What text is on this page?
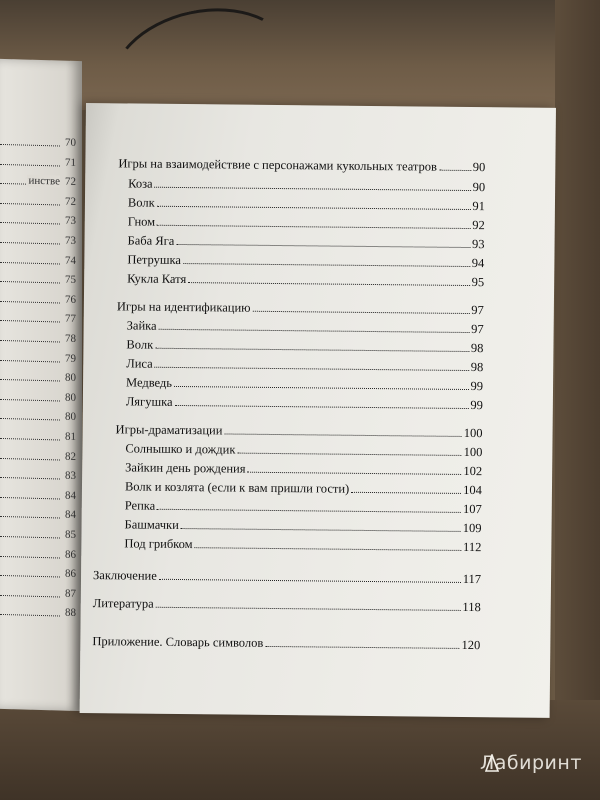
70
71
инстве 72
72
73
73
74
75
76
77
78
79
80
80
80
81
82
83
84
84
85
86
86
87
88
Игры на взаимодействие с персонажами кукольных театров	90
Коза	90
Волк	91
Гном	92
Баба Яга	93
Петрушка	94
Кукла Катя	95
Игры на идентификацию	97
Зайка	97
Волк	98
Лиса	98
Медведь	99
Лягушка	99
Игры-драматизации	100
Солнышко и дождик	100
Зайкин день рождения	102
Волк и козлята (если к вам пришли гости)	104
Репка	107
Башмачки	109
Под грибком	112
Заключение	117
Литература	118
Приложение. Словарь символов	120
Лабиринт
